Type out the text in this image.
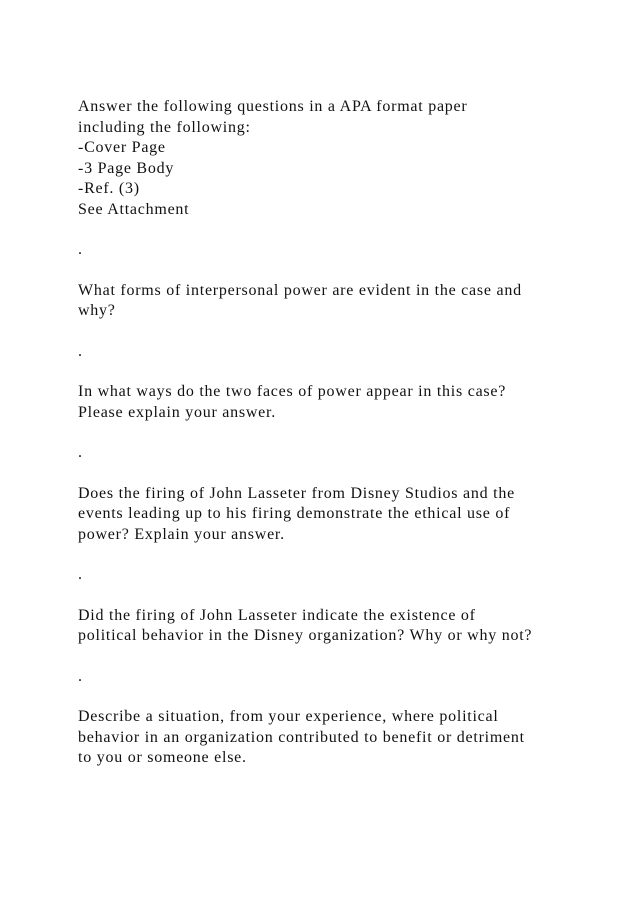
Answer the following questions in a APA format paper
including the following:
-Cover Page
-3 Page Body
-Ref. (3)
See Attachment
.
What forms of interpersonal power are evident in the case and
why?
.
In what ways do the two faces of power appear in this case?
Please explain your answer.
.
Does the firing of John Lasseter from Disney Studios and the
events leading up to his firing demonstrate the ethical use of
power? Explain your answer.
.
Did the firing of John Lasseter indicate the existence of
political behavior in the Disney organization? Why or why not?
.
Describe a situation, from your experience, where political
behavior in an organization contributed to benefit or detriment
to you or someone else.
